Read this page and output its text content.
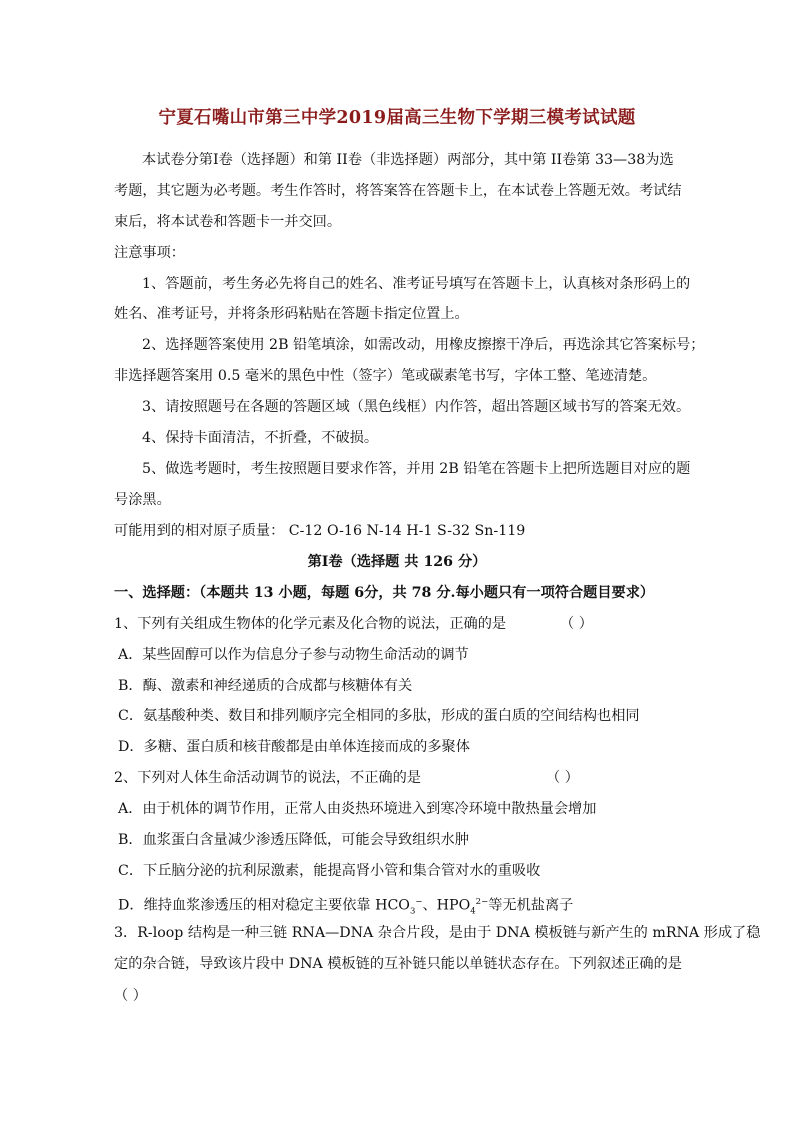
宁夏石嘴山市第三中学2019届高三生物下学期三模考试试题
本试卷分第Ⅰ卷（选择题）和第 II卷（非选择题）两部分，其中第 II卷第 33—38为选
考题，其它题为必考题。考生作答时，将答案答在答题卡上，在本试卷上答题无效。考试结
束后，将本试卷和答题卡一并交回。
注意事项：
1、答题前，考生务必先将自己的姓名、准考证号填写在答题卡上，认真核对条形码上的
姓名、准考证号，并将条形码粘贴在答题卡指定位置上。
2、选择题答案使用 2B 铅笔填涂，如需改动，用橡皮擦擦干净后，再选涂其它答案标号；
非选择题答案用 0.5 毫米的黑色中性（签字）笔或碳素笔书写，字体工整、笔迹清楚。
3、请按照题号在各题的答题区域（黑色线框）内作答，超出答题区域书写的答案无效。
4、保持卡面清洁，不折叠，不破损。
5、做选考题时，考生按照题目要求作答，并用 2B 铅笔在答题卡上把所选题目对应的题
号涂黑。
可能用到的相对原子质量： C-12 O-16 N-14 H-1 S-32 Sn-119
第Ⅰ卷（选择题 共 126 分）
一、选择题：（本题共 13 小题，每题 6分，共 78 分.每小题只有一项符合题目要求）
1、下列有关组成生物体的化学元素及化合物的说法，正确的是	（ ）
A．某些固醇可以作为信息分子参与动物生命活动的调节
B．酶、激素和神经递质的合成都与核糖体有关
C．氨基酸种类、数目和排列顺序完全相同的多肽，形成的蛋白质的空间结构也相同
D．多糖、蛋白质和核苷酸都是由单体连接而成的多聚体
2、下列对人体生命活动调节的说法，不正确的是	（ ）
A．由于机体的调节作用，正常人由炎热环境进入到寒冷环境中散热量会增加
B．血浆蛋白含量减少渗透压降低，可能会导致组织水肿
C．下丘脑分泌的抗利尿激素，能提高肾小管和集合管对水的重吸收
D．维持血浆渗透压的相对稳定主要依靠 $HCO_3^-$、$HPO_4^{2-}$等无机盐离子
3．R-loop 结构是一种三链 RNA—DNA 杂合片段，是由于 DNA 模板链与新产生的 mRNA 形成了稳
定的杂合链，导致该片段中 DNA 模板链的互补链只能以单链状态存在。下列叙述正确的是
（ ）
